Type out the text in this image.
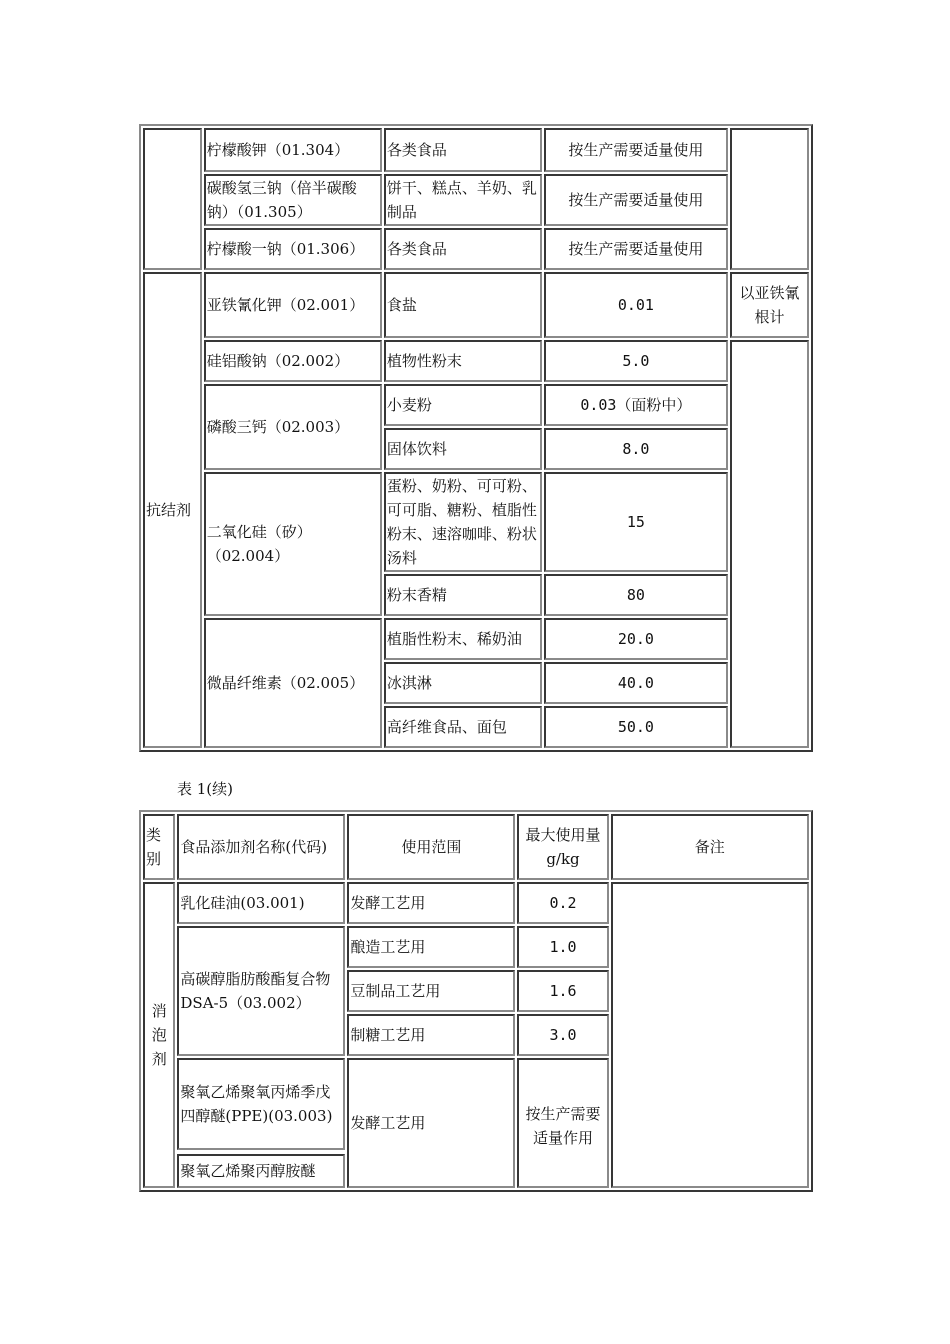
	柠檬酸钾（01.304）	各类食品	按生产需要适量使用	
	碳酸氢三钠（倍半碳酸钠）（01.305）	饼干、糕点、羊奶、乳制品	按生产需要适量使用	
	柠檬酸一钠（01.306）	各类食品	按生产需要适量使用	
抗结剂	亚铁氰化钾（02.001）	食盐	0.01	以亚铁氰根计
	硅铝酸钠（02.002）	植物性粉末	5.0	
	磷酸三钙（02.003）	小麦粉	0.03（面粉中）	
		固体饮料	8.0	
	二氧化硅（矽）（02.004）	蛋粉、奶粉、可可粉、可可脂、糖粉、植脂性粉末、速溶咖啡、粉状汤料	15	
		粉末香精	80	
	微晶纤维素（02.005）	植脂性粉末、稀奶油	20.0	
		冰淇淋	40.0	
		高纤维食品、面包	50.0	
表 1(续)
类别	食品添加剂名称(代码)	使用范围	最大使用量g/kg	备注
消泡剂	乳化硅油(03.001)	发酵工艺用	0.2	
	高碳醇脂肪酸酯复合物DSA-5（03.002）	酿造工艺用	1.0	
		豆制品工艺用	1.6	
		制糖工艺用	3.0	
	聚氧乙烯聚氧丙烯季戊四醇醚(PPE)(03.003)	发酵工艺用	按生产需要适量作用	

	聚氧乙烯聚丙醇胺醚			
